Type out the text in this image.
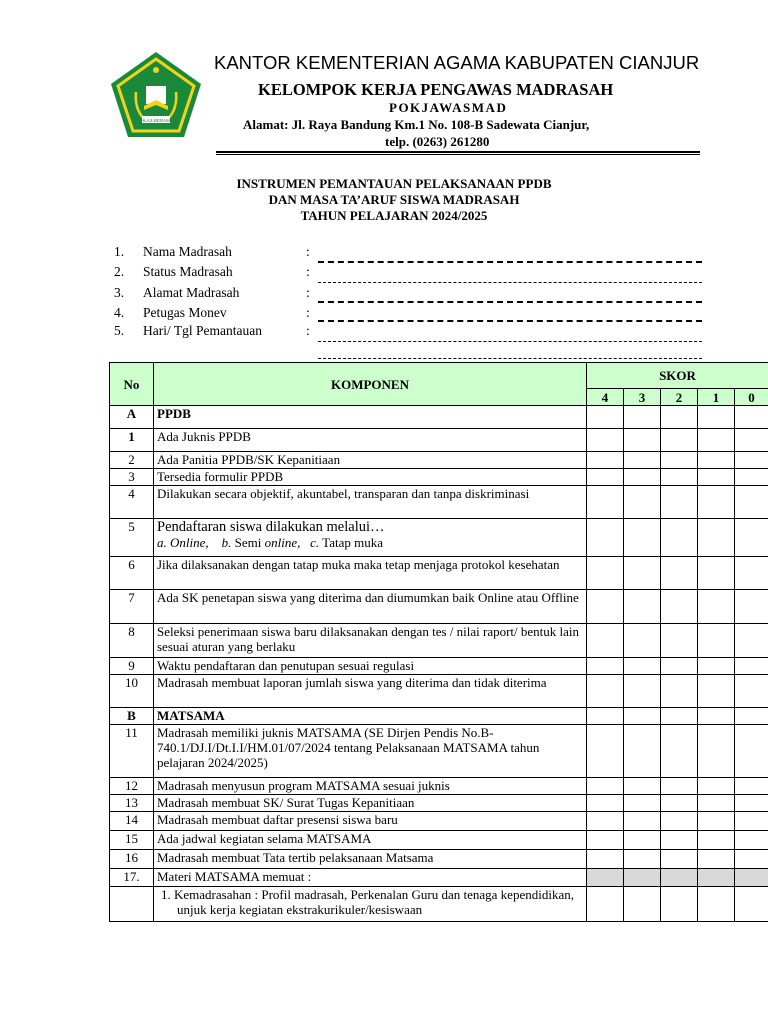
IKHLAS BERAMAL
KANTOR KEMENTERIAN AGAMA KABUPATEN CIANJUR
KELOMPOK KERJA PENGAWAS MADRASAH
POKJAWASMAD
Alamat: Jl. Raya Bandung Km.1 No. 108-B Sadewata Cianjur,
telp. (0263) 261280
INSTRUMEN PEMANTAUAN PELAKSANAAN PPDB
DAN MASA TA’ARUF SISWA MADRASAH
TAHUN PELAJARAN 2024/2025
1. Nama Madrasah	:
2. Status Madrasah	:
3. Alamat Madrasah	:
4. Petugas Monev	:
5. Hari/ Tgl Pemantauan	:
No	KOMPONEN	SKOR				
		4	3	2	1	0
A	PPDB					
1	Ada Juknis PPDB					
2	Ada Panitia PPDB/SK Kepanitiaan					
3	Tersedia formulir PPDB					
4	Dilakukan secara objektif, akuntabel, transparan dan tanpa diskriminasi					
5	Pendaftaran siswa dilakukan melalui…
a. Online, b. Semi online, c. Tatap muka					
6	Jika dilaksanakan dengan tatap muka maka tetap menjaga protokol kesehatan					
7	Ada SK penetapan siswa yang diterima dan diumumkan baik Online atau Offline					
8	Seleksi penerimaan siswa baru dilaksanakan dengan tes / nilai raport/ bentuk lain sesuai aturan yang berlaku					
9	Waktu pendaftaran dan penutupan sesuai regulasi					
10	Madrasah membuat laporan jumlah siswa yang diterima dan tidak diterima					
B	MATSAMA					
11	Madrasah memiliki juknis MATSAMA (SE Dirjen Pendis No.B-740.1/DJ.I/Dt.I.I/HM.01/07/2024 tentang Pelaksanaan MATSAMA tahun pelajaran 2024/2025)					
12	Madrasah menyusun program MATSAMA sesuai juknis					
13	Madrasah membuat SK/ Surat Tugas Kepanitiaan					
14	Madrasah membuat daftar presensi siswa baru					
15	Ada jadwal kegiatan selama MATSAMA					
16	Madrasah membuat Tata tertib pelaksanaan Matsama					
17.	Materi MATSAMA memuat :					

	1. Kemadrasahan : Profil madrasah, Perkenalan Guru dan tenaga kependidikan, unjuk kerja kegiatan ekstrakurikuler/kesiswaan					
